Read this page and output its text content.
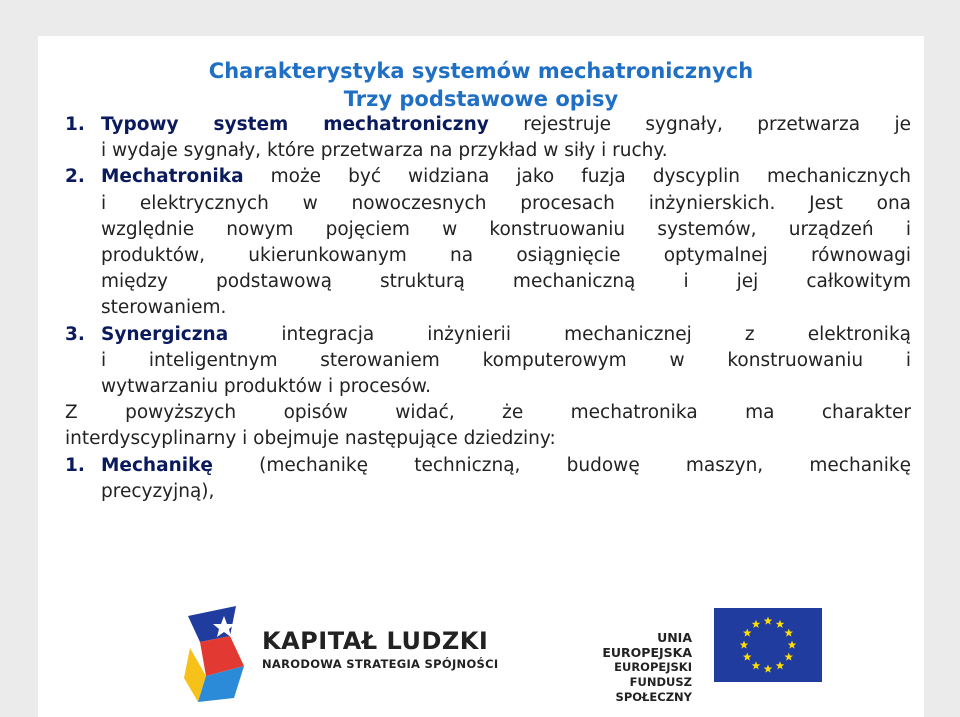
Charakterystyka systemów mechatronicznych
Trzy podstawowe opisy
1. Typowy system mechatroniczny rejestruje sygnały, przetwarza je
i wydaje sygnały, które przetwarza na przykład w siły i ruchy.
2. Mechatronika może być widziana jako fuzja dyscyplin mechanicznych
i elektrycznych w nowoczesnych procesach inżynierskich. Jest ona
względnie nowym pojęciem w konstruowaniu systemów, urządzeń i
produktów, ukierunkowanym na osiągnięcie optymalnej równowagi
między podstawową strukturą mechaniczną i jej całkowitym
sterowaniem.
3. Synergiczna integracja inżynierii mechanicznej z elektroniką
i inteligentnym sterowaniem komputerowym w konstruowaniu i
wytwarzaniu produktów i procesów.
Z powyższych opisów widać, że mechatronika ma charakter
interdyscyplinarny i obejmuje następujące dziedziny:
1. Mechanikę (mechanikę techniczną, budowę maszyn, mechanikę
precyzyjną),
KAPITAŁ LUDZKI
NARODOWA STRATEGIA SPÓJNOŚCI
UNIA EUROPEJSKA
EUROPEJSKI
FUNDUSZ SPOŁECZNY
